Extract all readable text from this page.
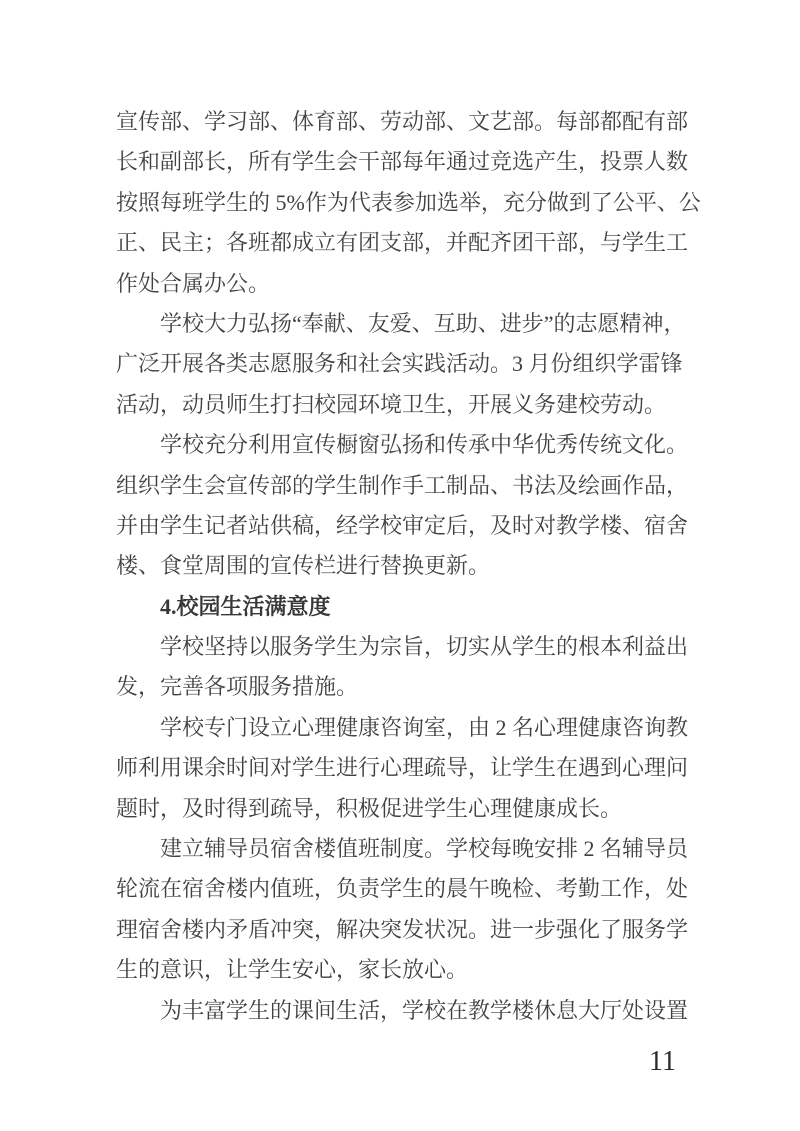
宣传部、学习部、体育部、劳动部、文艺部。每部都配有部
长和副部长，所有学生会干部每年通过竞选产生，投票人数
按照每班学生的 5%作为代表参加选举，充分做到了公平、公
正、民主；各班都成立有团支部，并配齐团干部，与学生工
作处合属办公。
学校大力弘扬“奉献、友爱、互助、进步”的志愿精神，
广泛开展各类志愿服务和社会实践活动。3 月份组织学雷锋
活动，动员师生打扫校园环境卫生，开展义务建校劳动。
学校充分利用宣传橱窗弘扬和传承中华优秀传统文化。
组织学生会宣传部的学生制作手工制品、书法及绘画作品，
并由学生记者站供稿，经学校审定后，及时对教学楼、宿舍
楼、食堂周围的宣传栏进行替换更新。
4.校园生活满意度
学校坚持以服务学生为宗旨，切实从学生的根本利益出
发，完善各项服务措施。
学校专门设立心理健康咨询室，由 2 名心理健康咨询教
师利用课余时间对学生进行心理疏导，让学生在遇到心理问
题时，及时得到疏导，积极促进学生心理健康成长。
建立辅导员宿舍楼值班制度。学校每晚安排 2 名辅导员
轮流在宿舍楼内值班，负责学生的晨午晚检、考勤工作，处
理宿舍楼内矛盾冲突，解决突发状况。进一步强化了服务学
生的意识，让学生安心，家长放心。
为丰富学生的课间生活，学校在教学楼休息大厅处设置
11
